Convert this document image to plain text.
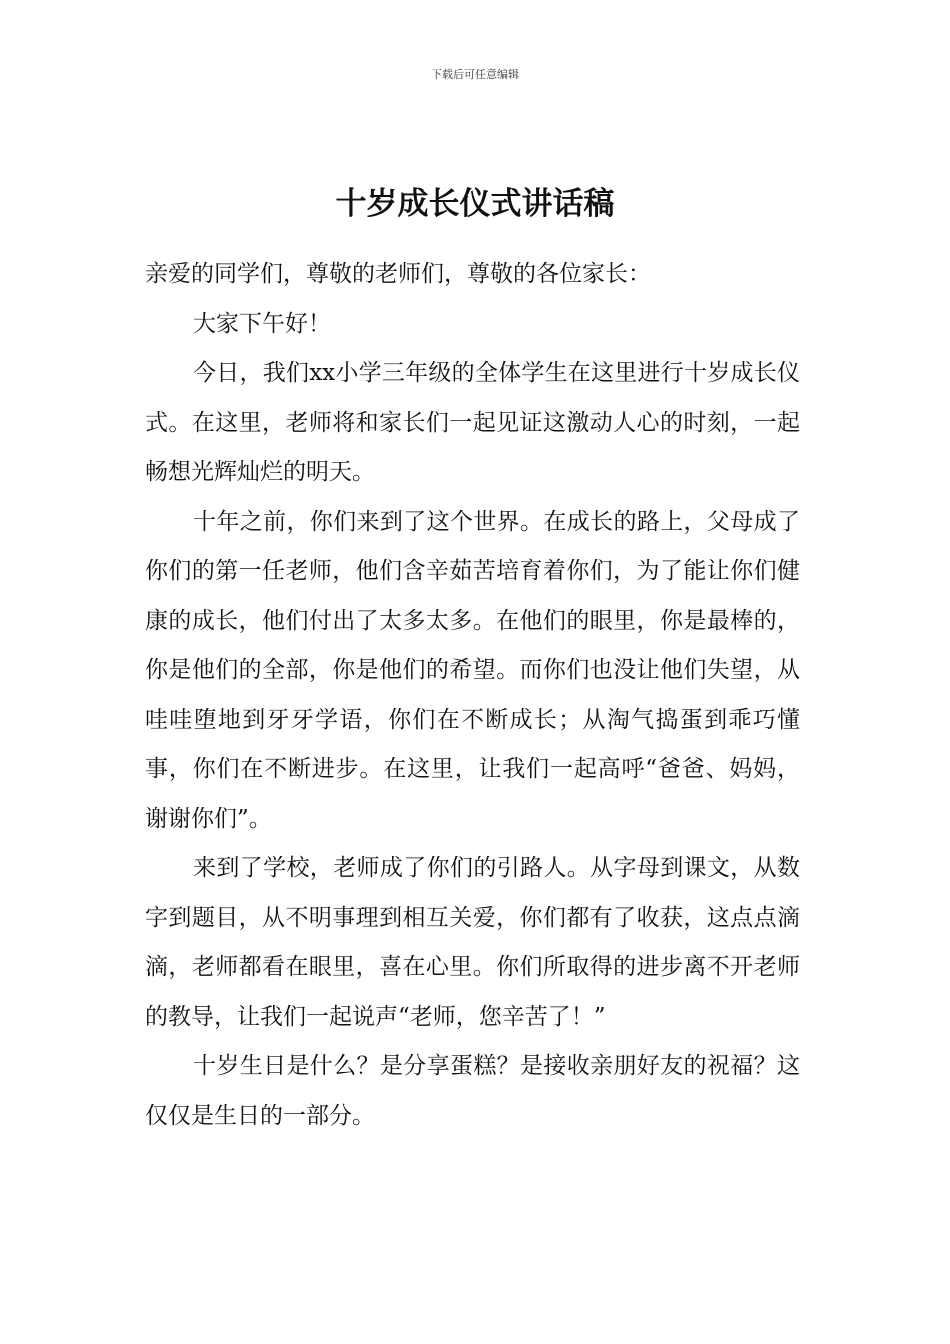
下载后可任意编辑
十岁成长仪式讲话稿

亲爱的同学们，尊敬的老师们，尊敬的各位家长：

大家下午好！

今日，我们xx小学三年级的全体学生在这里进行十岁成长仪式。在这里，老师将和家长们一起见证这激动人心的时刻，一起畅想光辉灿烂的明天。

十年之前，你们来到了这个世界。在成长的路上，父母成了你们的第一任老师，他们含辛茹苦培育着你们，为了能让你们健康的成长，他们付出了太多太多。在他们的眼里，你是最棒的，你是他们的全部，你是他们的希望。而你们也没让他们失望，从哇哇堕地到牙牙学语，你们在不断成长；从淘气捣蛋到乖巧懂事，你们在不断进步。在这里，让我们一起高呼“爸爸、妈妈，谢谢你们”。

来到了学校，老师成了你们的引路人。从字母到课文，从数字到题目，从不明事理到相互关爱，你们都有了收获，这点点滴滴，老师都看在眼里，喜在心里。你们所取得的进步离不开老师的教导，让我们一起说声“老师，您辛苦了！”

十岁生日是什么？是分享蛋糕？是接收亲朋好友的祝福？这仅仅是生日的一部分。
